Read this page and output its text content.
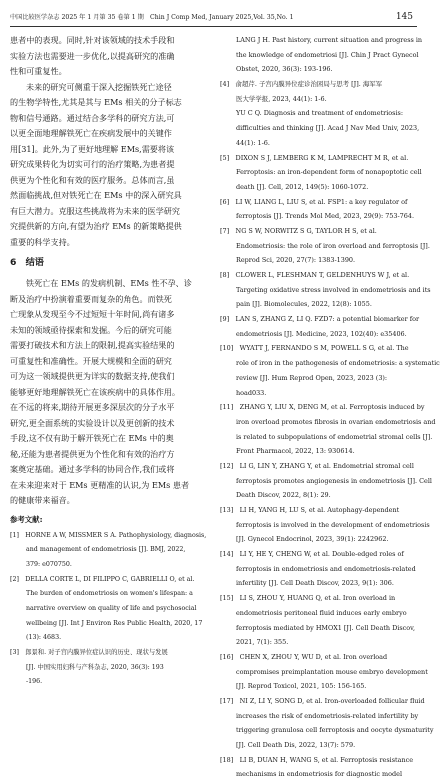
中国比较医学杂志 2025 年 1 月第 35 卷第 1 期　Chin J Comp Med, January 2025,Vol. 35,No. 1	145
患者中的表现。同时,针对该领域的技术手段和
实验方法也需要进一步优化,以提高研究的准确
性和可重复性。
未来的研究可侧重于深入挖掘铁死亡途径
的生物学特性,尤其是其与 EMs 相关的分子标志
物和信号通路。通过结合多学科的研究方法,可
以更全面地理解铁死亡在疾病发展中的关键作
用[31]。此外,为了更好地理解 EMs,需要将该
研究成果转化为切实可行的治疗策略,为患者提
供更为个性化和有效的医疗服务。总体而言,虽
然面临挑战,但对铁死亡在 EMs 中的深入研究具
有巨大潜力。克服这些挑战将为未来的医学研究
究提供新的方向,有望为治疗 EMs 的新策略提供
重要的科学支持。
6　结语
铁死亡在 EMs 的发病机制、EMs 性不孕、诊
断及治疗中扮演着重要而复杂的角色。而铁死
亡现象从发现至今不过短短十年时间,尚有诸多
未知的领域亟待探索和发掘。今后的研究可能
需要打破技术和方法上的限制,提高实验结果的
可重复性和准确性。开展大规模和全面的研究
可为这一领域提供更为详实的数据支持,使我们
能够更好地理解铁死亡在该疾病中的具体作用。
在不远的将来,期待开展更多深层次的分子水平
研究,更全面系统的实验设计以及更创新的技术
手段,这不仅有助于解开铁死亡在 EMs 中的奥
秘,还能为患者提供更为个性化和有效的治疗方
案奠定基础。通过多学科的协同合作,我们或将
在未来迎来对于 EMs 更精准的认识,为 EMs 患者
的健康带来福音。
参考文献:
[1]　HORNE A W, MISSMER S A. Pathophysiology, diagnosis,
and management of endometriosis [J]. BMJ, 2022,
379: e070750.
[2]　DELLA CORTE L, DI FILIPPO C, GABRIELLI O, et al.
The burden of endometriosis on women's lifespan: a
narrative overview on quality of life and psychosocial
wellbeing [J]. Int J Environ Res Public Health, 2020, 17
(13): 4683.
[3]　郎景和. 对子宫内膜异位症认识的历史、现状与发展
[J]. 中国实用妇科与产科杂志, 2020, 36(3): 193
-196.
LANG J H. Past history, current situation and progress in
the knowledge of endometriosi [J]. Chin J Pract Gynecol
Obstet, 2020, 36(3): 193-196.
[4]　俞超芹. 子宫内膜异位症诊治困局与思考 [J]. 海军军
医大学学报, 2023, 44(1): 1-6.
YU C Q. Diagnosis and treatment of endometriosis:
difficulties and thinking [J]. Acad J Nav Med Univ, 2023,
44(1): 1-6.
[5]　DIXON S J, LEMBERG K M, LAMPRECHT M R, et al.
Ferroptosis: an iron-dependent form of nonapoptotic cell
death [J]. Cell, 2012, 149(5): 1060-1072.
[6]　LI W, LIANG L, LIU S, et al. FSP1: a key regulator of
ferroptosis [J]. Trends Mol Med, 2023, 29(9): 753-764.
[7]　NG S W, NORWITZ S G, TAYLOR H S, et al.
Endometriosis: the role of iron overload and ferroptosis [J].
Reprod Sci, 2020, 27(7): 1383-1390.
[8]　CLOWER L, FLESHMAN T, GELDENHUYS W J, et al.
Targeting oxidative stress involved in endometriosis and its
pain [J]. Biomolecules, 2022, 12(8): 1055.
[9]　LAN S, ZHANG Z, LI Q. FZD7: a potential biomarker for
endometriosis [J]. Medicine, 2023, 102(40): e35406.
[10]　WYATT J, FERNANDO S M, POWELL S G, et al. The
role of iron in the pathogenesis of endometriosis: a systematic
review [J]. Hum Reprod Open, 2023, 2023 (3):
hoad033.
[11]　ZHANG Y, LIU X, DENG M, et al. Ferroptosis induced by
iron overload promotes fibrosis in ovarian endometriosis and
is related to subpopulations of endometrial stromal cells [J].
Front Pharmacol, 2022, 13: 930614.
[12]　LI G, LIN Y, ZHANG Y, et al. Endometrial stromal cell
ferroptosis promotes angiogenesis in endometriosis [J]. Cell
Death Discov, 2022, 8(1): 29.
[13]　LI H, YANG H, LU S, et al. Autophagy-dependent
ferroptosis is involved in the development of endometriosis
[J]. Gynecol Endocrinol, 2023, 39(1): 2242962.
[14]　LI Y, HE Y, CHENG W, et al. Double-edged roles of
ferroptosis in endometriosis and endometriosis-related
infertility [J]. Cell Death Discov, 2023, 9(1): 306.
[15]　LI S, ZHOU Y, HUANG Q, et al. Iron overload in
endometriosis peritoneal fluid induces early embryo
ferroptosis mediated by HMOX1 [J]. Cell Death Discov,
2021, 7(1): 355.
[16]　CHEN X, ZHOU Y, WU D, et al. Iron overload
compromises preimplantation mouse embryo development
[J]. Reprod Toxicol, 2021, 105: 156-165.
[17]　NI Z, LI Y, SONG D, et al. Iron-overloaded follicular fluid
increases the risk of endometriosis-related infertility by
triggering granulosa cell ferroptosis and oocyte dysmaturity
[J]. Cell Death Dis, 2022, 13(7): 579.
[18]　LI B, DUAN H, WANG S, et al. Ferroptosis resistance
mechanisms in endometriosis for diagnostic model
